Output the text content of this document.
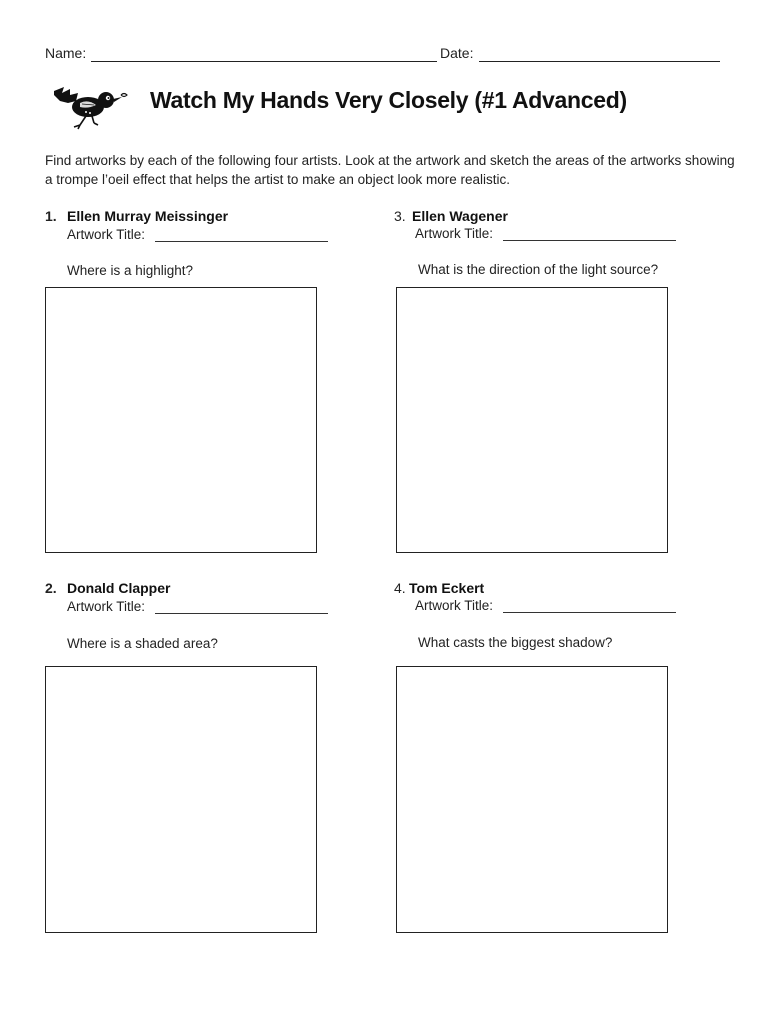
Name:	Date:
Watch My Hands Very Closely (#1 Advanced)
Find artworks by each of the following four artists. Look at the artwork and sketch the areas of the artworks showing a trompe l’oeil effect that helps the artist to make an object look more realistic.
1. Ellen Murray Meissinger
Artwork Title:
Where is a highlight?
3. Ellen Wagener
Artwork Title:
What is the direction of the light source?
2. Donald Clapper
Artwork Title:
Where is a shaded area?
4. Tom Eckert
Artwork Title:
What casts the biggest shadow?
